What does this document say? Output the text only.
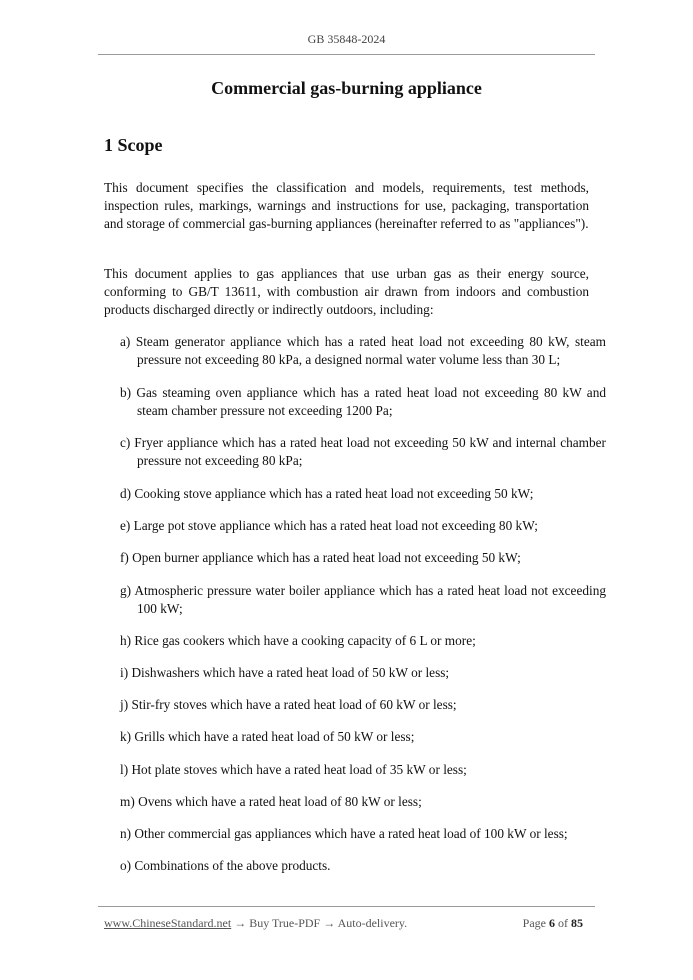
GB 35848-2024
Commercial gas-burning appliance
1 Scope

This document specifies the classification and models, requirements, test methods, inspection rules, markings, warnings and instructions for use, packaging, transportation and storage of commercial gas-burning appliances (hereinafter referred to as "appliances").

This document applies to gas appliances that use urban gas as their energy source, conforming to GB/T 13611, with combustion air drawn from indoors and combustion products discharged directly or indirectly outdoors, including:

a) Steam generator appliance which has a rated heat load not exceeding 80 kW, steam pressure not exceeding 80 kPa, a designed normal water volume less than 30 L;

b) Gas steaming oven appliance which has a rated heat load not exceeding 80 kW and steam chamber pressure not exceeding 1200 Pa;

c) Fryer appliance which has a rated heat load not exceeding 50 kW and internal chamber pressure not exceeding 80 kPa;

d) Cooking stove appliance which has a rated heat load not exceeding 50 kW;

e) Large pot stove appliance which has a rated heat load not exceeding 80 kW;

f) Open burner appliance which has a rated heat load not exceeding 50 kW;

g) Atmospheric pressure water boiler appliance which has a rated heat load not exceeding 100 kW;

h) Rice gas cookers which have a cooking capacity of 6 L or more;

i) Dishwashers which have a rated heat load of 50 kW or less;

j) Stir-fry stoves which have a rated heat load of 60 kW or less;

k) Grills which have a rated heat load of 50 kW or less;

l) Hot plate stoves which have a rated heat load of 35 kW or less;

m) Ovens which have a rated heat load of 80 kW or less;

n) Other commercial gas appliances which have a rated heat load of 100 kW or less;

o) Combinations of the above products.

www.ChineseStandard.net → Buy True-PDF → Auto-delivery.	Page 6 of 85
